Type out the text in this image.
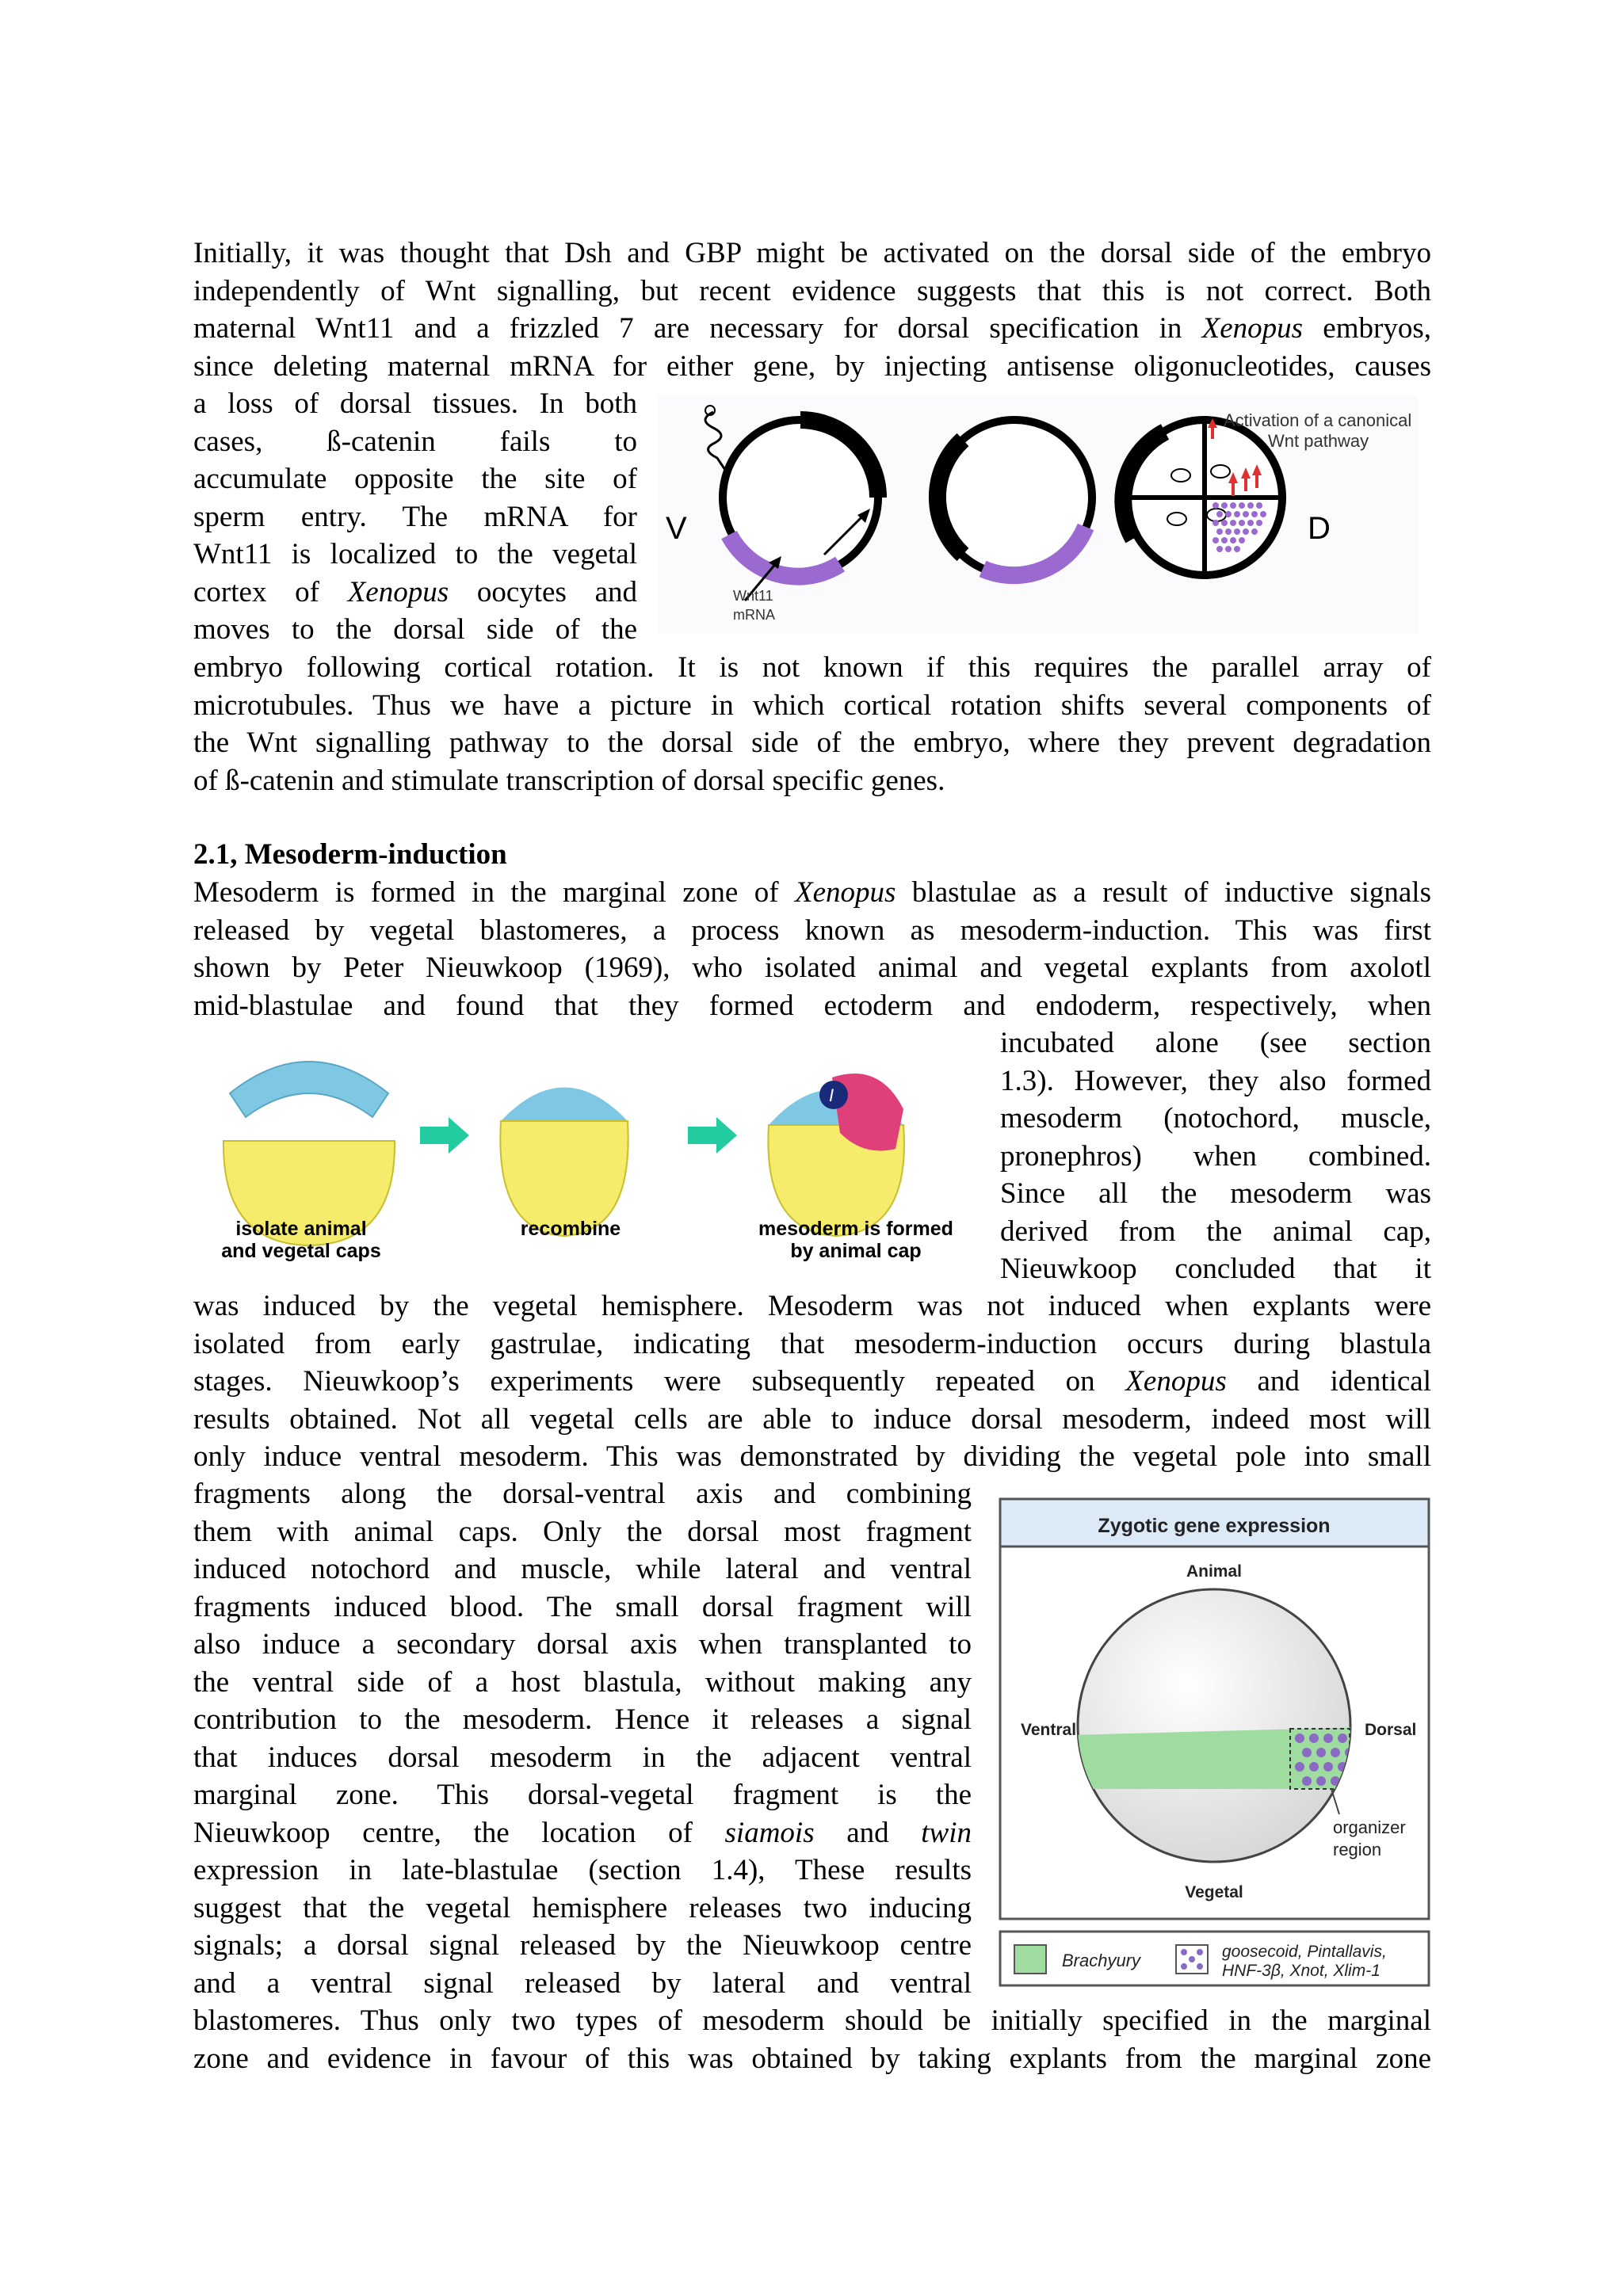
Initially, it was thought that Dsh and GBP might be activated on the dorsal side of the embryo
independently of Wnt signalling, but recent evidence suggests that this is not correct. Both
maternal Wnt11 and a frizzled 7 are necessary for dorsal specification in Xenopus embryos,
since deleting maternal mRNA for either gene, by injecting antisense oligonucleotides, causes
a loss of dorsal tissues. In both
cases, ß-catenin fails to
accumulate opposite the site of
sperm entry. The mRNA for
Wnt11 is localized to the vegetal
cortex of Xenopus oocytes and
moves to the dorsal side of the
embryo following cortical rotation. It is not known if this requires the parallel array of
microtubules. Thus we have a picture in which cortical rotation shifts several components of
the Wnt signalling pathway to the dorsal side of the embryo, where they prevent degradation
of ß-catenin and stimulate transcription of dorsal specific genes.
Activation of a canonical
Wnt pathway
V	D
Wnt11
mRNA
2.1, Mesoderm-induction
Mesoderm is formed in the marginal zone of Xenopus blastulae as a result of inductive signals
released by vegetal blastomeres, a process known as mesoderm-induction. This was first
shown by Peter Nieuwkoop (1969), who isolated animal and vegetal explants from axolotl
mid-blastulae and found that they formed ectoderm and endoderm, respectively, when
incubated alone (see section
1.3). However, they also formed
mesoderm (notochord, muscle,
pronephros) when combined.
Since all the mesoderm was
derived from the animal cap,
Nieuwkoop concluded that it
was induced by the vegetal hemisphere. Mesoderm was not induced when explants were
isolated from early gastrulae, indicating that mesoderm-induction occurs during blastula
stages. Nieuwkoop’s experiments were subsequently repeated on Xenopus and identical
results obtained. Not all vegetal cells are able to induce dorsal mesoderm, indeed most will
only induce ventral mesoderm. This was demonstrated by dividing the vegetal pole into small
fragments along the dorsal-ventral axis and combining
them with animal caps. Only the dorsal most fragment
induced notochord and muscle, while lateral and ventral
fragments induced blood. The small dorsal fragment will
also induce a secondary dorsal axis when transplanted to
the ventral side of a host blastula, without making any
contribution to the mesoderm. Hence it releases a signal
that induces dorsal mesoderm in the adjacent ventral
marginal zone. This dorsal-vegetal fragment is the
Nieuwkoop centre, the location of siamois and twin
expression in late-blastulae (section 1.4), These results
suggest that the vegetal hemisphere releases two inducing
signals; a dorsal signal released by the Nieuwkoop centre
and a ventral signal released by lateral and ventral
blastomeres. Thus only two types of mesoderm should be initially specified in the marginal
zone and evidence in favour of this was obtained by taking explants from the marginal zone
I
isolate animal
and vegetal caps
recombine	mesoderm is formed
by animal cap
Zygotic gene expression
Animal
Ventral	Dorsal
organizer
region
Vegetal
Brachyury	goosecoid, Pintallavis,
HNF-3β, Xnot, Xlim-1
